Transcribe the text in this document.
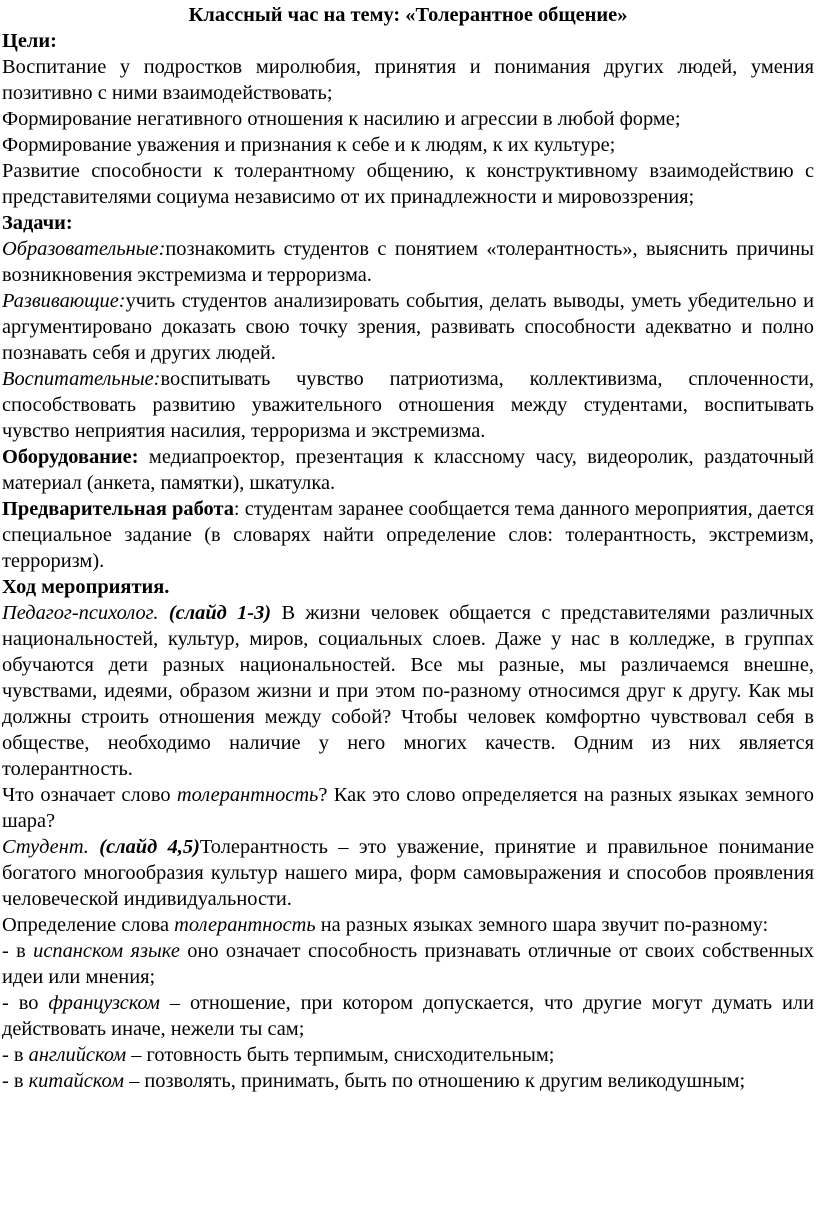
Классный час на тему: «Толерантное общение»

Цели:

Воспитание у подростков миролюбия, принятия и понимания других людей, умения позитивно с ними взаимодействовать;

Формирование негативного отношения к насилию и агрессии в любой форме;

Формирование уважения и признания к себе и к людям, к их культуре;

Развитие способности к толерантному общению, к конструктивному взаимодействию с представителями социума независимо от их принадлежности и мировоззрения;

Задачи:

Образовательные:познакомить студентов с понятием «толерантность», выяснить причины возникновения экстремизма и терроризма.

Развивающие:учить студентов анализировать события, делать выводы, уметь убедительно и аргументировано доказать свою точку зрения, развивать способности адекватно и полно познавать себя и других людей.

Воспитательные:воспитывать чувство патриотизма, коллективизма, сплоченности, способствовать развитию уважительного отношения между студентами, воспитывать чувство неприятия насилия, терроризма и экстремизма.

Оборудование: медиапроектор, презентация к классному часу, видеоролик, раздаточный материал (анкета, памятки), шкатулка.

Предварительная работа: студентам заранее сообщается тема данного мероприятия, дается специальное задание (в словарях найти определение слов: толерантность, экстремизм, терроризм).

Ход мероприятия.

Педагог-психолог. (слайд 1-3) В жизни человек общается с представителями различных национальностей, культур, миров, социальных слоев. Даже у нас в колледже, в группах обучаются дети разных национальностей. Все мы разные, мы различаемся внешне, чувствами, идеями, образом жизни и при этом по-разному относимся друг к другу. Как мы должны строить отношения между собой? Чтобы человек комфортно чувствовал себя в обществе, необходимо наличие у него многих качеств. Одним из них является толерантность.

Что означает слово толерантность? Как это слово определяется на разных языках земного шара?

Студент. (слайд 4,5)Толерантность – это уважение, принятие и правильное понимание богатого многообразия культур нашего мира, форм самовыражения и способов проявления человеческой индивидуальности.

Определение слова толерантность на разных языках земного шара звучит по-разному:

- в испанском языке оно означает способность признавать отличные от своих собственных идеи или мнения;

- во французском – отношение, при котором допускается, что другие могут думать или действовать иначе, нежели ты сам;

- в английском – готовность быть терпимым, снисходительным;

- в китайском – позволять, принимать, быть по отношению к другим великодушным;
